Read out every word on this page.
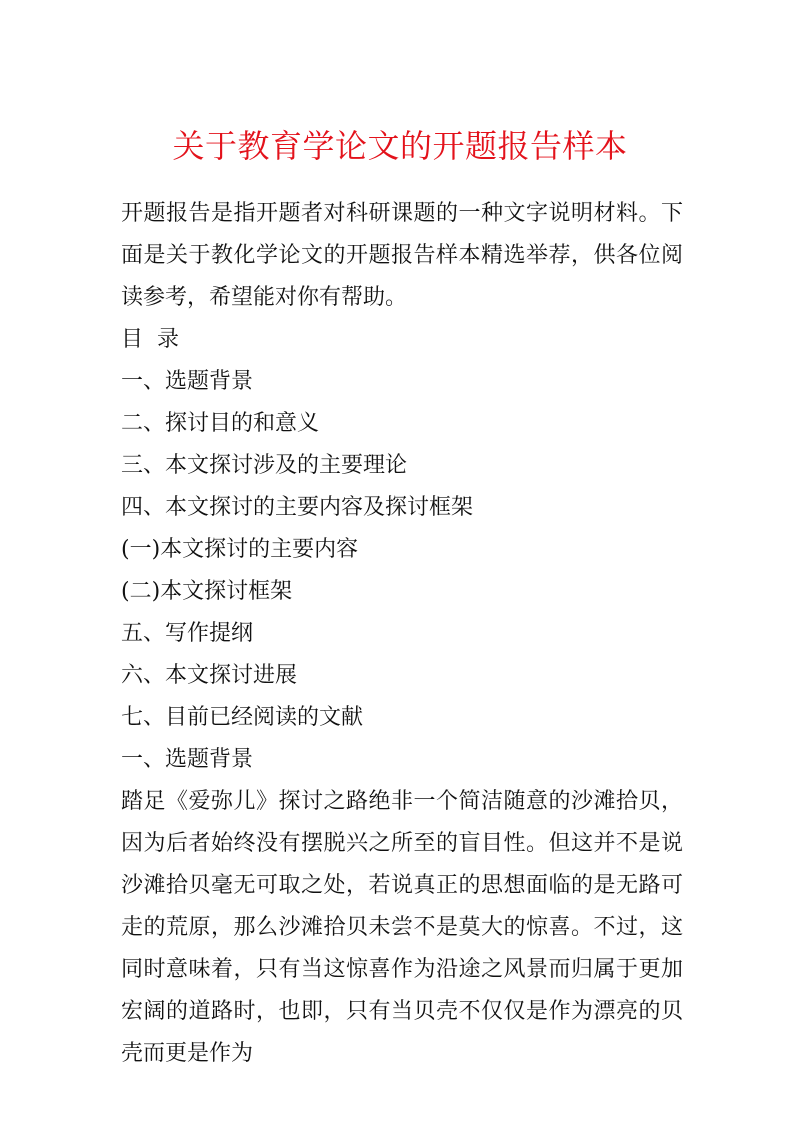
关于教育学论文的开题报告样本

开题报告是指开题者对科研课题的一种文字说明材料。下面是关于教化学论文的开题报告样本精选举荐，供各位阅读参考，希望能对你有帮助。

目  录
一、选题背景
二、探讨目的和意义
三、本文探讨涉及的主要理论
四、本文探讨的主要内容及探讨框架
(一)本文探讨的主要内容
(二)本文探讨框架
五、写作提纲
六、本文探讨进展
七、目前已经阅读的文献
一、选题背景

踏足《爱弥儿》探讨之路绝非一个简洁随意的沙滩拾贝，因为后者始终没有摆脱兴之所至的盲目性。但这并不是说沙滩拾贝毫无可取之处，若说真正的思想面临的是无路可走的荒原，那么沙滩拾贝未尝不是莫大的惊喜。不过，这同时意味着，只有当这惊喜作为沿途之风景而归属于更加宏阔的道路时，也即，只有当贝壳不仅仅是作为漂亮的贝壳而更是作为
